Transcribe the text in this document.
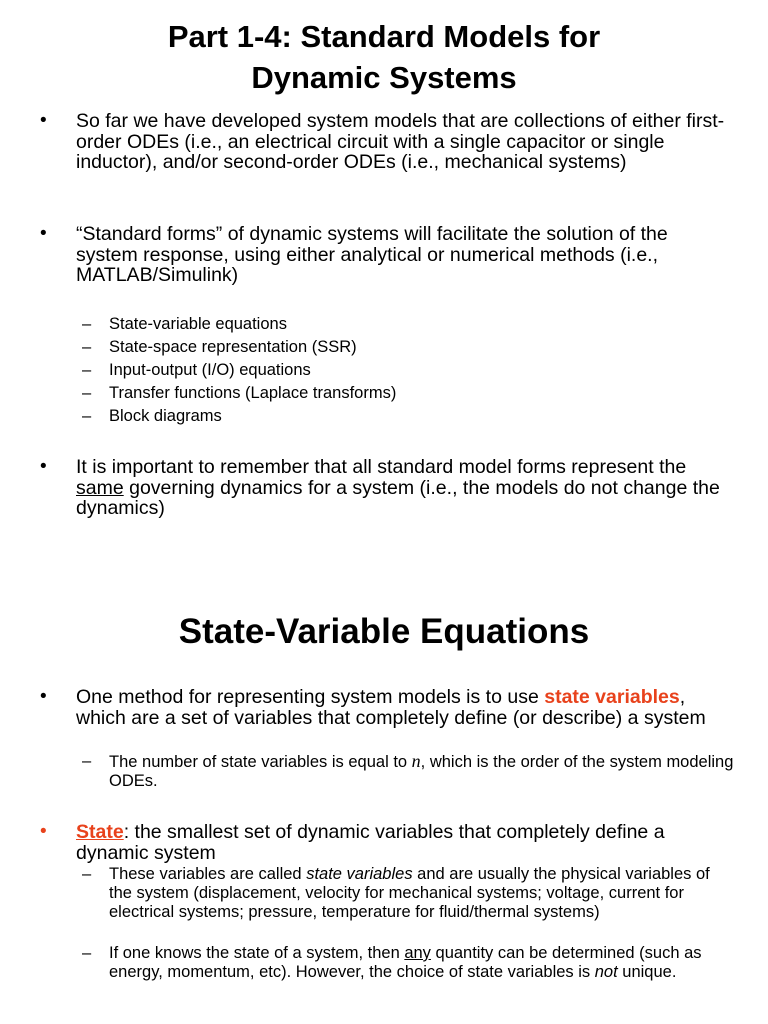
Part 1-4: Standard Models for
Dynamic Systems
• So far we have developed system models that are collections of either first-order ODEs (i.e., an electrical circuit with a single capacitor or single inductor), and/or second-order ODEs (i.e., mechanical systems)
• “Standard forms” of dynamic systems will facilitate the solution of the system response, using either analytical or numerical methods (i.e., MATLAB/Simulink)
– State-variable equations
– State-space representation (SSR)
– Input-output (I/O) equations
– Transfer functions (Laplace transforms)
– Block diagrams
• It is important to remember that all standard model forms represent the same governing dynamics for a system (i.e., the models do not change the dynamics)
State-Variable Equations
• One method for representing system models is to use state variables, which are a set of variables that completely define (or describe) a system
– The number of state variables is equal to n, which is the order of the system modeling ODEs.
• State: the smallest set of dynamic variables that completely define a dynamic system
– These variables are called state variables and are usually the physical variables of the system (displacement, velocity for mechanical systems; voltage, current for electrical systems; pressure, temperature for fluid/thermal systems)
– If one knows the state of a system, then any quantity can be determined (such as energy, momentum, etc). However, the choice of state variables is not unique.
